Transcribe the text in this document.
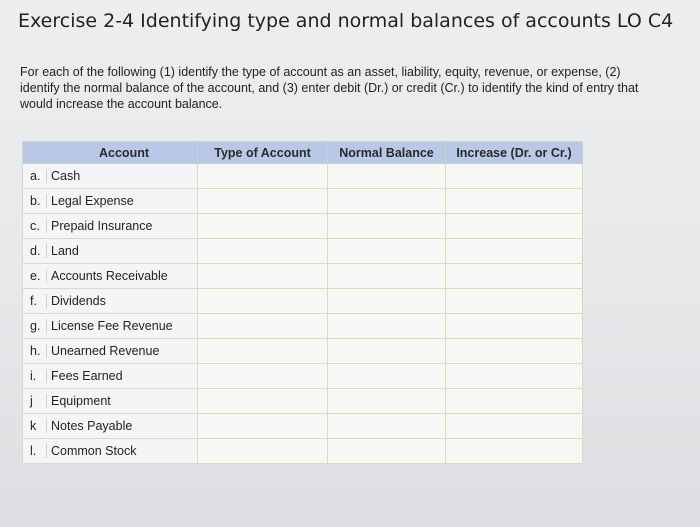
Exercise 2-4 Identifying type and normal balances of accounts LO C4

For each of the following (1) identify the type of account as an asset, liability, equity, revenue, or expense, (2) identify the normal balance of the account, and (3) enter debit (Dr.) or credit (Cr.) to identify the kind of entry that would increase the account balance.

Account	Type of Account	Normal Balance	Increase (Dr. or Cr.)
a. Cash			
b. Legal Expense			
c. Prepaid Insurance			
d. Land			
e. Accounts Receivable			
f. Dividends			
g. License Fee Revenue			
h. Unearned Revenue			
i. Fees Earned			
j Equipment			
k Notes Payable			
l. Common Stock			
